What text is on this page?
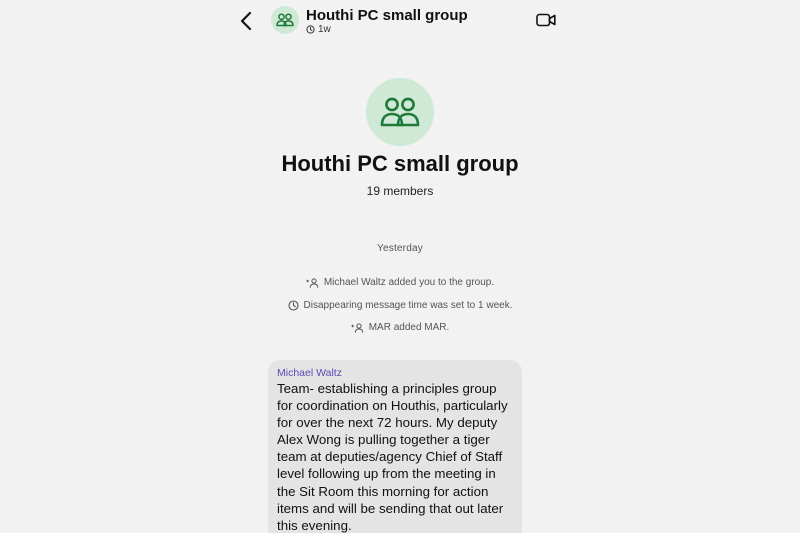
Houthi PC small group
1w
Houthi PC small group
19 members
Yesterday
Michael Waltz added you to the group.
Disappearing message time was set to 1 week.
MAR added MAR.
Michael Waltz
Team- establishing a principles group
for coordination on Houthis, particularly
for over the next 72 hours. My deputy
Alex Wong is pulling together a tiger
team at deputies/agency Chief of Staff
level following up from the meeting in
the Sit Room this morning for action
items and will be sending that out later
this evening.
